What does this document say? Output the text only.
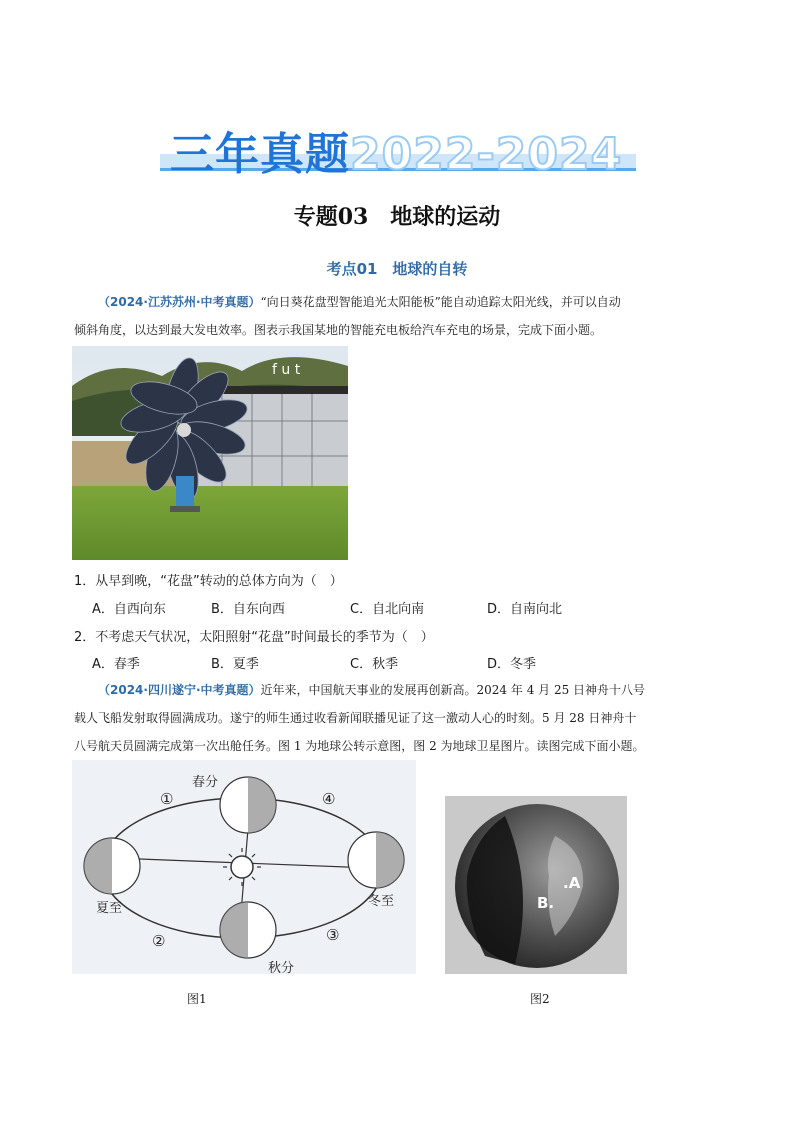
三年真题2022-2024
专题03　地球的运动
考点01　地球的自转
（2024·江苏苏州·中考真题）“向日葵花盘型智能追光太阳能板”能自动追踪太阳光线，并可以自动
倾斜角度，以达到最大发电效率。图表示我国某地的智能充电板给汽车充电的场景，完成下面小题。
f u t
1．从早到晚，“花盘”转动的总体方向为（　）
A．自西向东	B．自东向西	C．自北向南	D．自南向北
2．不考虑天气状况，太阳照射“花盘”时间最长的季节为（　）
A．春季	B．夏季	C．秋季	D．冬季
（2024·四川遂宁·中考真题）近年来，中国航天事业的发展再创新高。2024 年 4 月 25 日神舟十八号
载人飞船发射取得圆满成功。遂宁的师生通过收看新闻联播见证了这一激动人心的时刻。5 月 28 日神舟十
八号航天员圆满完成第一次出舱任务。图 1 为地球公转示意图，图 2 为地球卫星图片。读图完成下面小题。
春分
夏至
秋分
冬至
①
②	③
④
图1
.A
B.
图2
